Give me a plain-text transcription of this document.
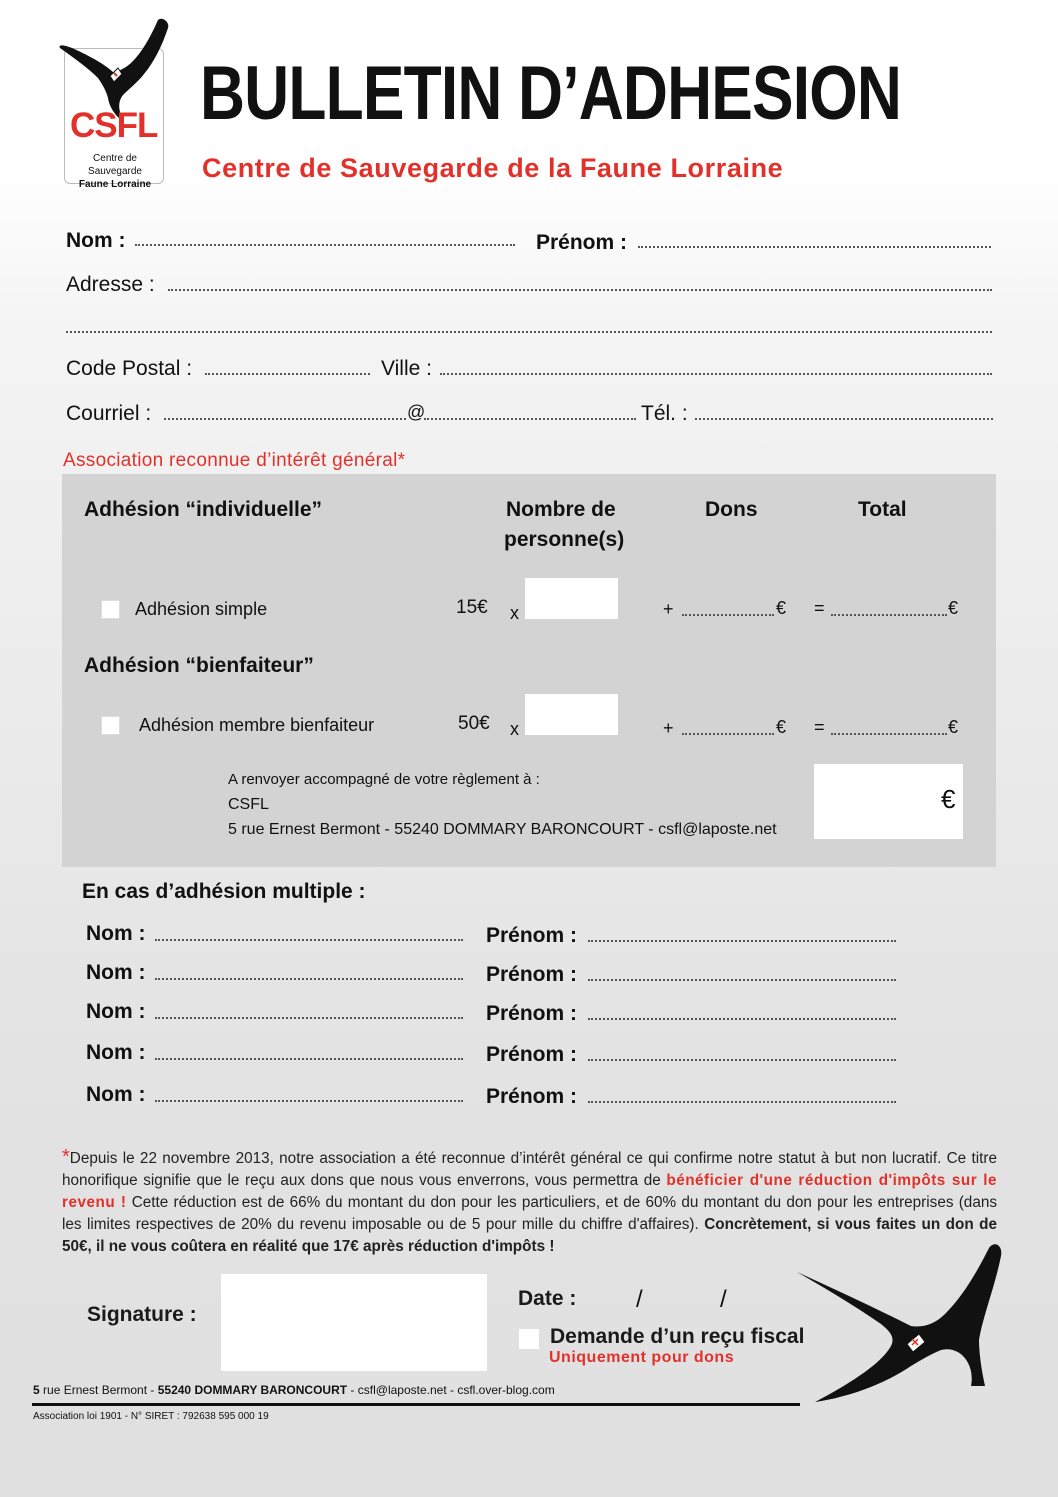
CSFL
Centre de Sauvegarde
Faune Lorraine
BULLETIN D’ADHESION
Centre de Sauvegarde de la Faune Lorraine
Nom :	Prénom :
Adresse :
Code Postal :	Ville :
Courriel :	@	Tél. :
Association reconnue d’intérêt général*
Adhésion “individuelle”	Nombre de
personne(s)
Dons	Total
Adhésion simple	15€ x	+	€ =	€
Adhésion “bienfaiteur”
Adhésion membre bienfaiteur	50€ x	+	€ =	€
A renvoyer accompagné de votre règlement à :
CSFL
5 rue Ernest Bermont - 55240 DOMMARY BARONCOURT - csfl@laposte.net
€
En cas d’adhésion multiple :
Nom :	Prénom :
Nom :	Prénom :
Nom :	Prénom :
Nom :	Prénom :
Nom :	Prénom :
*Depuis le 22 novembre 2013, notre association a été reconnue d’intérêt général ce qui confirme notre statut à but non lucratif. Ce titre honorifique signifie que le reçu aux dons que nous vous enverrons, vous permettra de bénéficier d'une réduction d'impôts sur le revenu ! Cette réduction est de 66% du montant du don pour les particuliers, et de 60% du montant du don pour les entreprises (dans les limites respectives de 20% du revenu imposable ou de 5 pour mille du chiffre d'affaires). Concrètement, si vous faites un don de 50€, il ne vous coûtera en réalité que 17€ après réduction d'impôts !
Signature :
Date : /	/
Demande d’un reçu fiscal
Uniquement pour dons
5 rue Ernest Bermont - 55240 DOMMARY BARONCOURT - csfl@laposte.net - csfl.over-blog.com
Association loi 1901 - N° SIRET : 792638 595 000 19
